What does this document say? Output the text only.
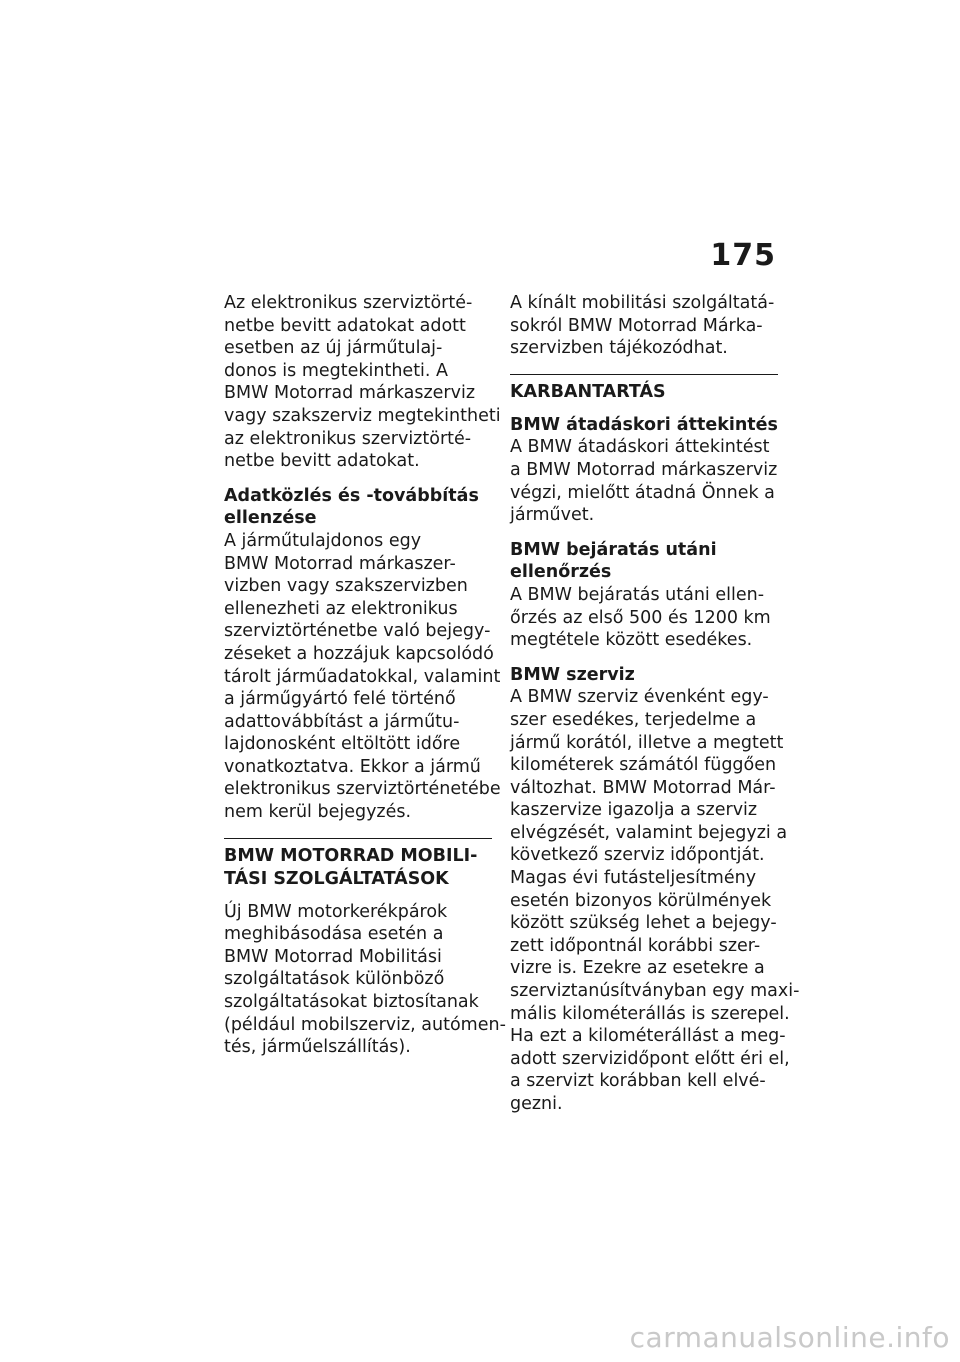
175
Az elektronikus szerviztörté-
netbe bevitt adatokat adott
esetben az új járműtulaj-
donos is megtekintheti. A
BMW Motorrad márkaszerviz
vagy szakszerviz megtekintheti
az elektronikus szerviztörté-
netbe bevitt adatokat.
Adatközlés és -továbbítás
ellenzése
A járműtulajdonos egy
BMW Motorrad márkaszer-
vizben vagy szakszervizben
ellenezheti az elektronikus
szerviztörténetbe való bejegy-
zéseket a hozzájuk kapcsolódó
tárolt járműadatokkal, valamint
a járműgyártó felé történő
adattovábbítást a járműtu-
lajdonosként eltöltött időre
vonatkoztatva. Ekkor a jármű
elektronikus szerviztörténetébe
nem kerül bejegyzés.
BMW MOTORRAD MOBILI-
TÁSI SZOLGÁLTATÁSOK
Új BMW motorkerékpárok
meghibásodása esetén a
BMW Motorrad Mobilitási
szolgáltatások különböző
szolgáltatásokat biztosítanak
(például mobilszerviz, autómen-
tés, járműelszállítás).
A kínált mobilitási szolgáltatá-
sokról BMW Motorrad Márka-
szervizben tájékozódhat.
KARBANTARTÁS
BMW átadáskori áttekintés
A BMW átadáskori áttekintést
a BMW Motorrad márkaszerviz
végzi, mielőtt átadná Önnek a
járművet.
BMW bejáratás utáni
ellenőrzés
A BMW bejáratás utáni ellen-
őrzés az első 500 és 1200 km
megtétele között esedékes.
BMW szerviz
A BMW szerviz évenként egy-
szer esedékes, terjedelme a
jármű korától, illetve a megtett
kilométerek számától függően
változhat. BMW Motorrad Már-
kaszervize igazolja a szerviz
elvégzését, valamint bejegyzi a
következő szerviz időpontját.
Magas évi futásteljesítmény
esetén bizonyos körülmények
között szükség lehet a bejegy-
zett időpontnál korábbi szer-
vizre is. Ezekre az esetekre a
szerviztanúsítványban egy maxi-
mális kilométerállás is szerepel.
Ha ezt a kilométerállást a meg-
adott szervizidőpont előtt éri el,
a szervizt korábban kell elvé-
gezni.
carmanualsonline.info
